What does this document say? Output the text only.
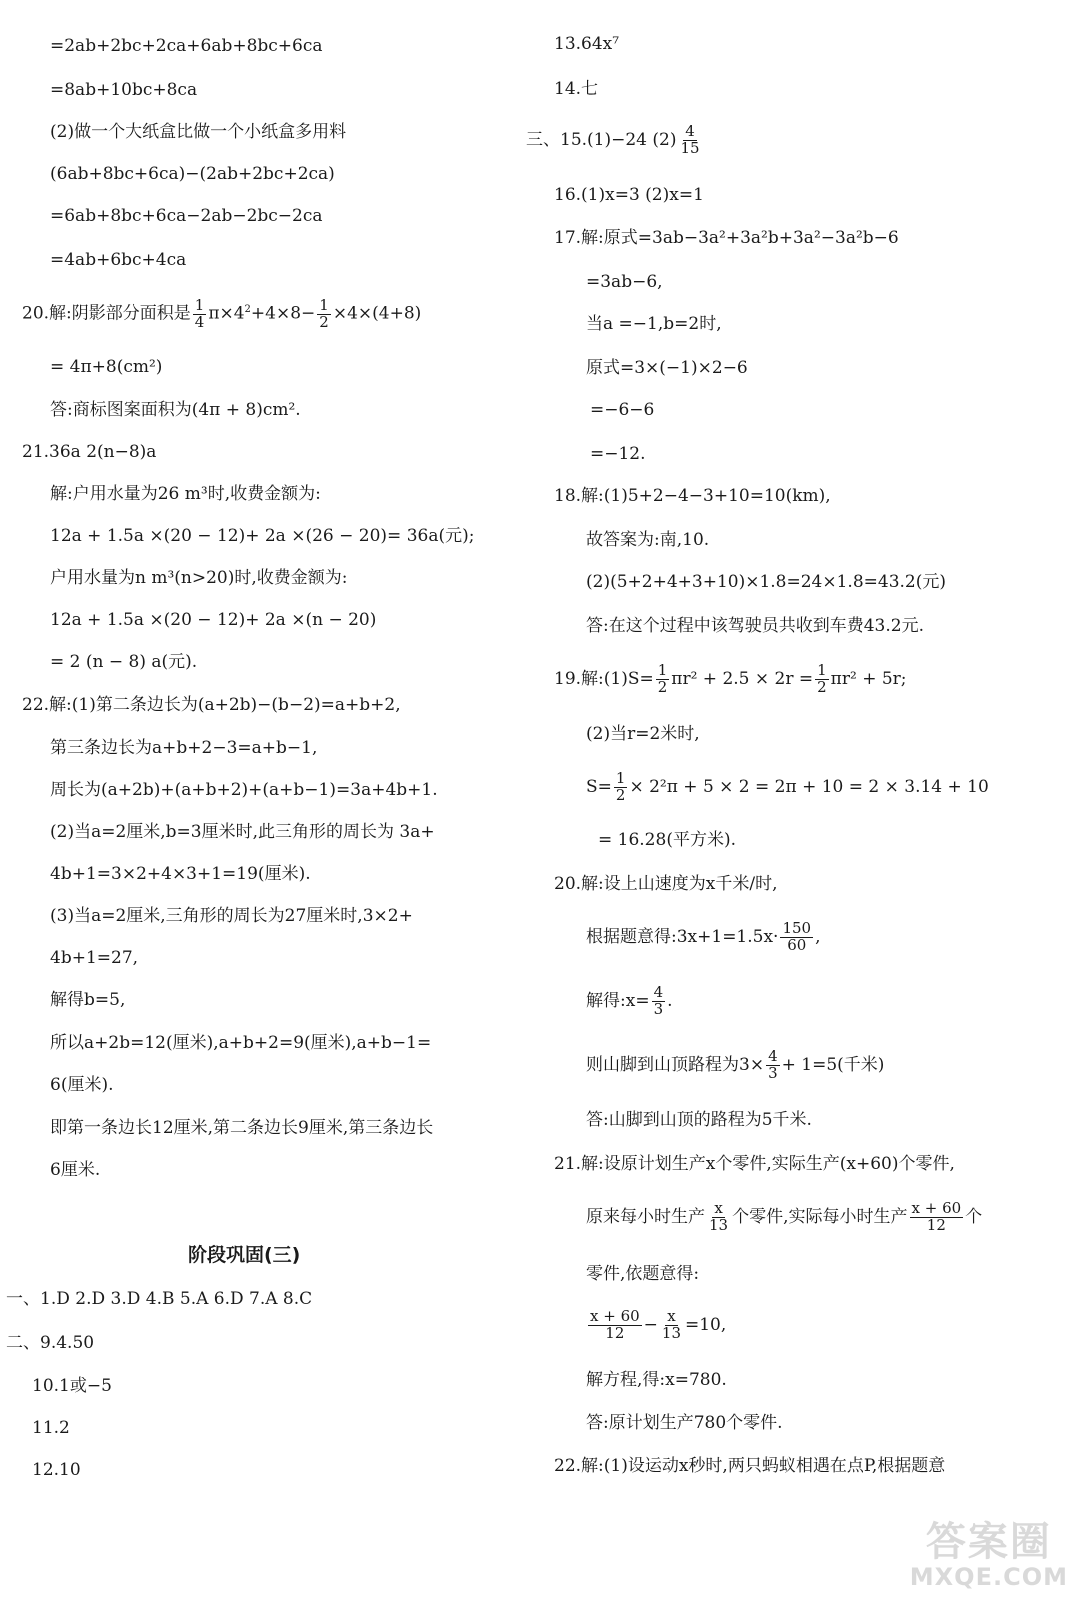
=2ab+2bc+2ca+6ab+8bc+6ca
=8ab+10bc+8ca
(2)做一个大纸盒比做一个小纸盒多用料
(6ab+8bc+6ca)−(2ab+2bc+2ca)
=6ab+8bc+6ca−2ab−2bc−2ca
=4ab+6bc+4ca
20.解:阴影部分面积是 $\frac{1}{4} \pi\times 4^2+4\times 8- \frac{1}{2} \times 4\times(4+8)$
= 4π+8(cm²)
答:商标图案面积为(4π + 8)cm².
21.36a 2(n−8)a
解:户用水量为26 m³时,收费金额为:
12a + 1.5a ×(20 − 12)+ 2a ×(26 − 20)= 36a(元);
户用水量为n m³(n>20)时,收费金额为:
12a + 1.5a ×(20 − 12)+ 2a ×(n − 20)
= 2 (n − 8) a(元).
22.解:(1)第二条边长为(a+2b)−(b−2)=a+b+2,
第三条边长为a+b+2−3=a+b−1,
周长为(a+2b)+(a+b+2)+(a+b−1)=3a+4b+1.
(2)当a=2厘米,b=3厘米时,此三角形的周长为 3a+
4b+1=3×2+4×3+1=19(厘米).
(3)当a=2厘米,三角形的周长为27厘米时,3×2+
4b+1=27,
解得b=5,
所以a+2b=12(厘米),a+b+2=9(厘米),a+b−1=
6(厘米).
即第一条边长12厘米,第二条边长9厘米,第三条边长
6厘米.
阶段巩固(三)
一、1.D 2.D 3.D 4.B 5.A 6.D 7.A 8.C
二、9.4.50
10.1或−5
11.2
12.10
13.64x⁷
14.七
三、15.(1)−24 $(2) \frac{4}{15}$
16.(1)x=3 (2)x=1
17.解:原式=3ab−3a²+3a²b+3a²−3a²b−6
=3ab−6,
当a =−1,b=2时,
原式=3×(−1)×2−6
=−6−6
=−12.
18.解:(1)5+2−4−3+10=10(km),
故答案为:南,10.
(2)(5+2+4+3+10)×1.8=24×1.8=43.2(元)
答:在这个过程中该驾驶员共收到车费43.2元.
19.解:(1)S= $\frac{1}{2} \pi r^2 + 2.5 \times 2r = \frac{1}{2} \pi r^2 + 5r$;
(2)当r=2米时,
$S= \frac{1}{2} \times 2^2\pi + 5 \times 2 = 2\pi + 10 = 2 \times 3.14 + 10$
= 16.28(平方米).
20.解:设上山速度为x千米/时,
根据题意得:3x+1=1.5x· $\frac{150}{60}$ ,
解得:x= $\frac{4}{3}$ .
则山脚到山顶路程为$3\times \frac{4}{3} + 1=5$(千米)
答:山脚到山顶的路程为5千米.
21.解:设原计划生产x个零件,实际生产(x+60)个零件,
原来每小时生产 $\frac{x}{13}$ 个零件,实际每小时生产 $\frac{x + 60}{12}$ 个
零件,依题意得:
$\frac{x + 60}{12} - \frac{x}{13} =10$,
解方程,得:x=780.
答:原计划生产780个零件.
22.解:(1)设运动x秒时,两只蚂蚁相遇在点P,根据题意
答案圈
MXQE.COM
